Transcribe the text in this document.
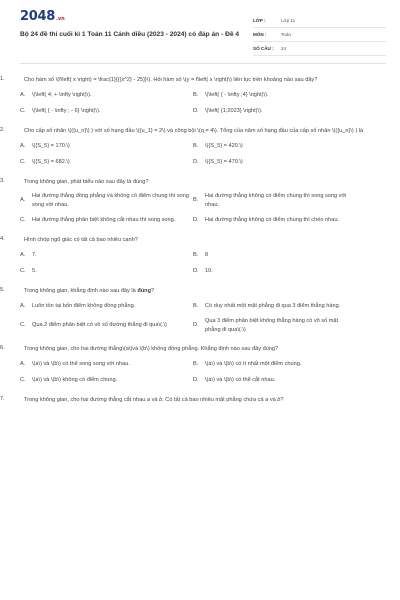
2048 .vn
Bộ 24 đề thi cuối kì 1 Toán 11 Cánh diều (2023 - 2024) có đáp án - Đề 4
LỚP :	Lớp 11
MÔN :	Toán
SỐ CÂU :	24
1.	Cho hàm số \(f\left( x \right) = \frac{1}{{{x^2} - 25}}\). Hỏi hàm số \(y = f\left( x \right)\) liên tục trên khoảng nào sau đây?
A.	\(\left( 4; + \infty \right)\).	B.	\(\left( { - \infty ;4} \right)\).
C.	\(\left( { - \infty ; - 6} \right)\).	D.	\(\left( {1;2023} \right)\).
2.	Cho cấp số nhân \(({u_n}\) ) với số hạng đầu \({u_1} = 2\) và công bội \(q = 4\). Tổng của năm số hạng đầu của cấp số nhân \(({u_n}\) ) là
A.	\({S_5} = 170.\)	B.	\({S_5} = 420.\)
C.	\({S_5} = 682.\)	D.	\({S_5} = 470.\)
3.	Trong không gian, phát biểu nào sau đây là đúng?
A.
Hai đường thẳng đồng phẳng và không có điểm chung thì song song với nhau.
B.
Hai đường thẳng không có điểm chung thì song song với nhau.
C.	Hai đường thẳng phân biệt không cắt nhau thì song song.	D.	Hai đường thẳng không có điểm chung thì chéo nhau.
4.	Hình chóp ngũ giác có tất cả bao nhiêu cạnh?
A.	7.	B.	8
C.	5.	D.	10.
5.	Trong không gian, khẳng định nào sau đây là đúng?
A.	Luôn tồn tại bốn điểm không đồng phẳng.	B.	Có duy nhất một mặt phẳng đi qua 3 điểm thẳng hàng.
C.	Qua 2 điểm phân biệt có vô số đường thẳng đi qua\(.\)	D.
Qua 3 điểm phân biệt không thẳng hàng có vô số mặt phẳng đi qua\(.\)
6.	Trong không gian, cho hai đường thẳng\(a\)và \(b\) không đồng phẳng. Khẳng định nào sau đây đúng?
A.	\(a\) và \(b\) có thể song song với nhau.	B.	\(a\) và \(b\) có ít nhất một điểm chung.
C.	\(a\) và \(b\) không có điểm chung.	D.	\(a\) và \(b\) có thể cắt nhau.
7.	Trong không gian, cho hai đường thẳng cắt nhau a và b. Có tất cả bao nhiêu mặt phẳng chứa cả a và b?
